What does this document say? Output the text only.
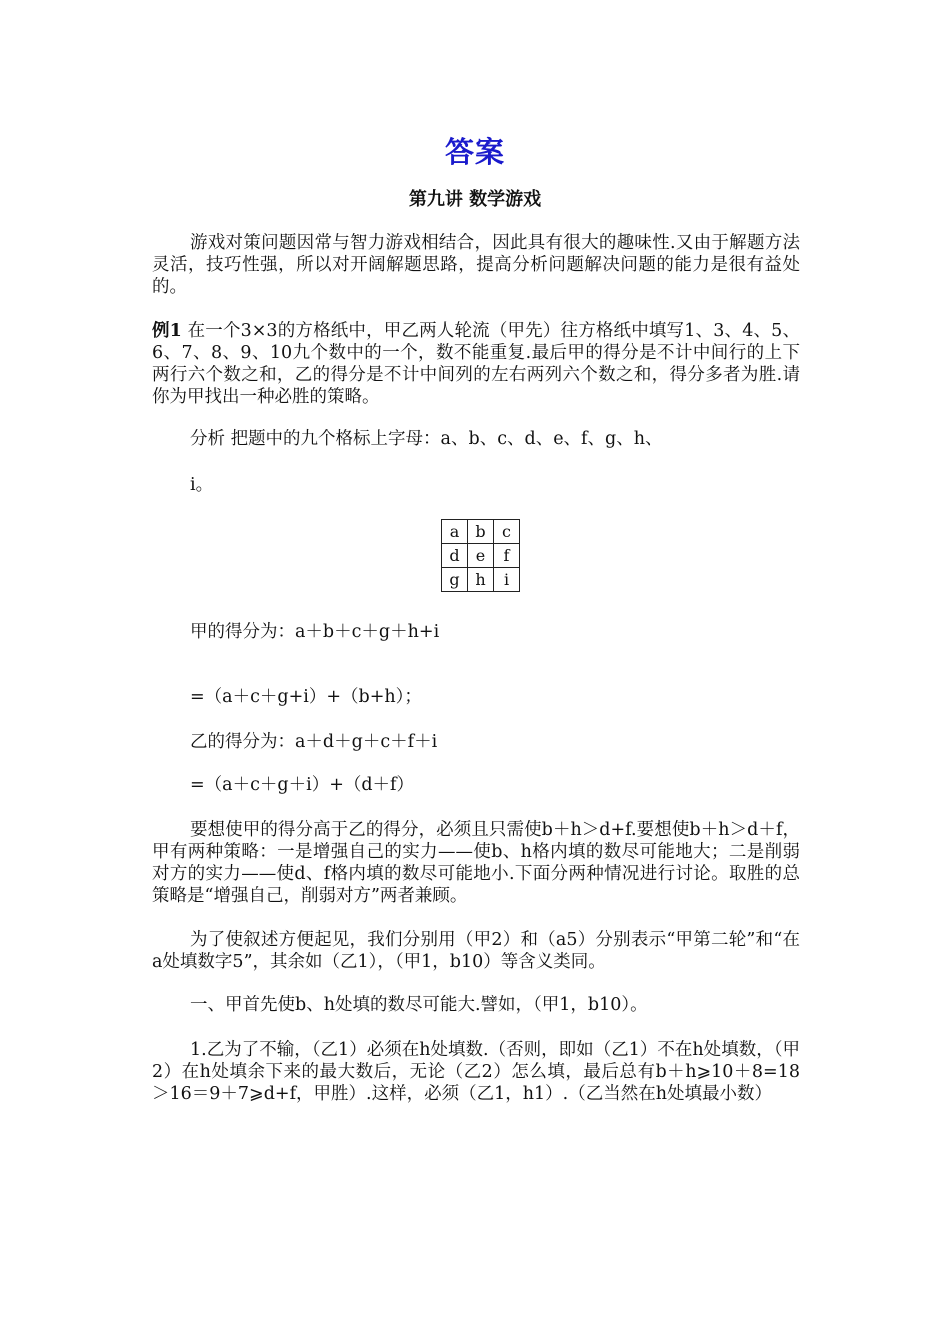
答案
第九讲 数学游戏

游戏对策问题因常与智力游戏相结合，因此具有很大的趣味性.又由于解题方法灵活，技巧性强，所以对开阔解题思路，提高分析问题解决问题的能力是很有益处的。

例1 在一个3×3的方格纸中，甲乙两人轮流（甲先）往方格纸中填写1、3、4、5、6、7、8、9、10九个数中的一个，数不能重复.最后甲的得分是不计中间行的上下两行六个数之和，乙的得分是不计中间列的左右两列六个数之和，得分多者为胜.请你为甲找出一种必胜的策略。

分析 把题中的九个格标上字母：a、b、c、d、e、f、g、h、
i。
a	b	c
d	e	f
g	h	i
甲的得分为：a＋b＋c＋g＋h+i
=（a＋c＋g+i）+（b+h）；
乙的得分为：a＋d＋g＋c＋f＋i
=（a＋c＋g＋i）+（d＋f）

要想使甲的得分高于乙的得分，必须且只需使b＋h＞d+f.要想使b＋h＞d＋f，甲有两种策略：一是增强自己的实力——使b、h格内填的数尽可能地大；二是削弱对方的实力——使d、f格内填的数尽可能地小.下面分两种情况进行讨论。取胜的总策略是“增强自己，削弱对方”两者兼顾。

为了使叙述方便起见，我们分别用（甲2）和（a5）分别表示“甲第二轮”和“在a处填数字5”，其余如（乙1），（甲1，b10）等含义类同。

一、甲首先使b、h处填的数尽可能大.譬如，（甲1，b10）。

1.乙为了不输，（乙1）必须在h处填数.（否则，即如（乙1）不在h处填数，（甲2）在h处填余下来的最大数后，无论（乙2）怎么填，最后总有b＋h⩾10＋8=18＞16＝9＋7⩾d+f，甲胜）.这样，必须（乙1，h1）.（乙当然在h处填最小数）
